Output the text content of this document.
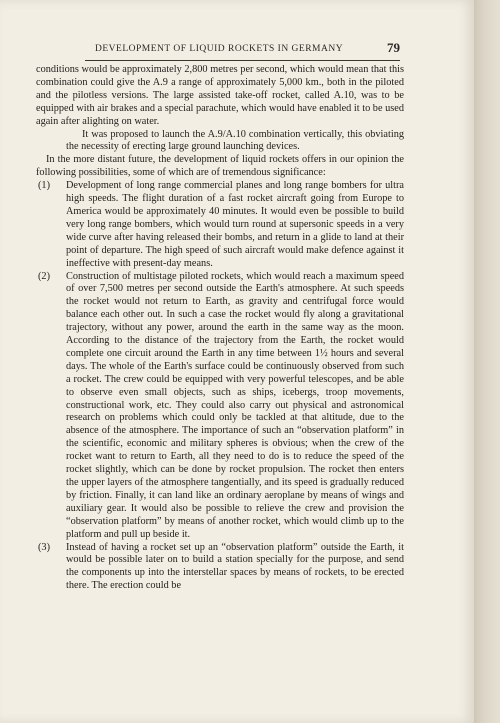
DEVELOPMENT OF LIQUID ROCKETS IN GERMANY	79

conditions would be approximately 2,800 metres per second, which would mean that this combination could give the A.9 a range of approximately 5,000 km., both in the piloted and the pilotless versions. The large assisted take-off rocket, called A.10, was to be equipped with air brakes and a special parachute, which would have enabled it to be used again after alighting on water.

It was proposed to launch the A.9/A.10 combination vertically, this obviating the necessity of erecting large ground launching devices.

In the more distant future, the development of liquid rockets offers in our opinion the following possibilities, some of which are of tremendous significance:

(1) Development of long range commercial planes and long range bombers for ultra high speeds. The flight duration of a fast rocket aircraft going from Europe to America would be approximately 40 minutes. It would even be possible to build very long range bombers, which would turn round at supersonic speeds in a very wide curve after having released their bombs, and return in a glide to land at their point of departure. The high speed of such aircraft would make defence against it ineffective with present-day means.
(2) Construction of multistage piloted rockets, which would reach a maximum speed of over 7,500 metres per second outside the Earth's atmosphere. At such speeds the rocket would not return to Earth, as gravity and centrifugal force would balance each other out. In such a case the rocket would fly along a gravitational trajectory, without any power, around the earth in the same way as the moon. According to the distance of the trajectory from the Earth, the rocket would complete one circuit around the Earth in any time between 1½ hours and several days. The whole of the Earth's surface could be continuously observed from such a rocket. The crew could be equipped with very powerful telescopes, and be able to observe even small objects, such as ships, icebergs, troop movements, constructional work, etc. They could also carry out physical and astronomical research on problems which could only be tackled at that altitude, due to the absence of the atmosphere. The importance of such an “observation platform” in the scientific, economic and military spheres is obvious; when the crew of the rocket want to return to Earth, all they need to do is to reduce the speed of the rocket slightly, which can be done by rocket propulsion. The rocket then enters the upper layers of the atmosphere tangentially, and its speed is gradually reduced by friction. Finally, it can land like an ordinary aeroplane by means of wings and auxiliary gear. It would also be possible to relieve the crew and provision the “observation platform” by means of another rocket, which would climb up to the platform and pull up beside it.
(3) Instead of having a rocket set up an “observation platform” outside the Earth, it would be possible later on to build a station specially for the purpose, and send the components up into the interstellar spaces by means of rockets, to be erected there. The erection could be
